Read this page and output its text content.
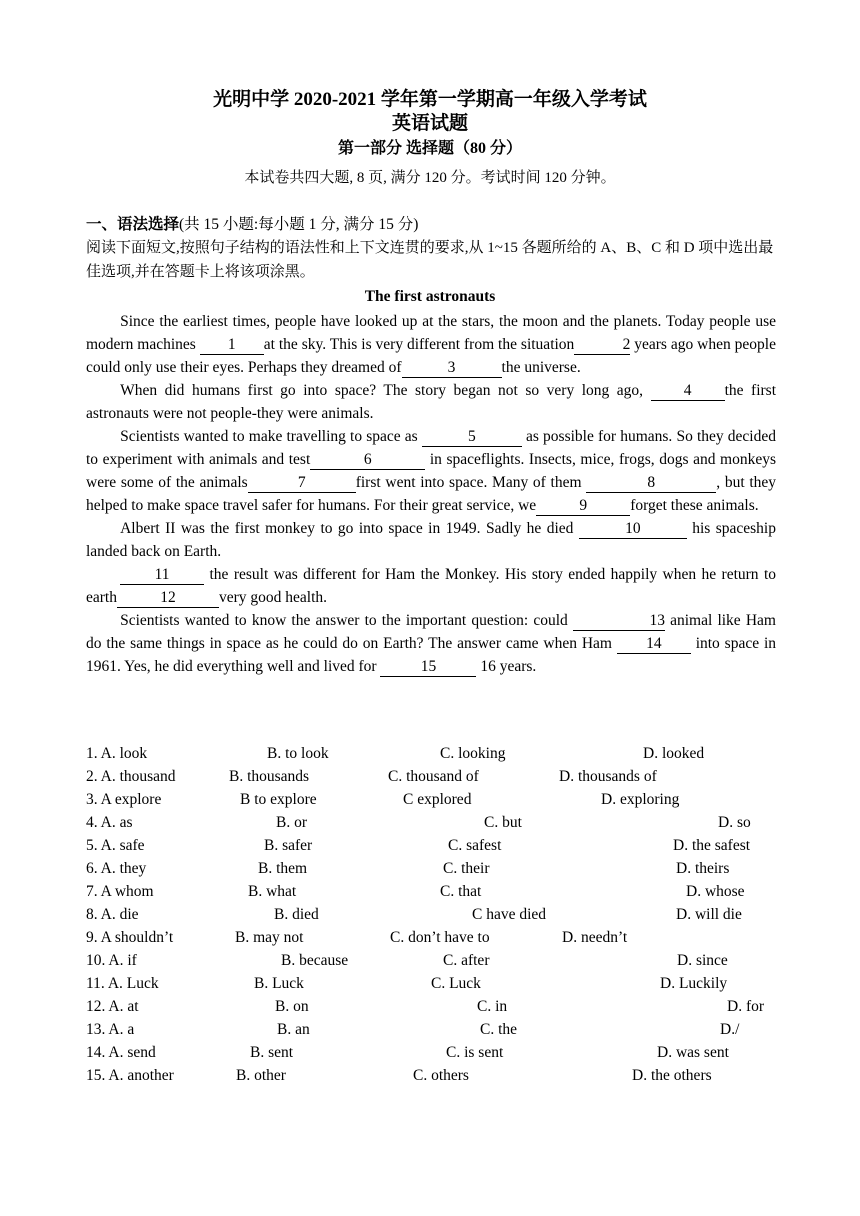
光明中学 2020-2021 学年第一学期高一年级入学考试
英语试题
第一部分 选择题（80 分）
本试卷共四大题, 8 页, 满分 120 分。考试时间 120 分钟。
一、语法选择(共 15 小题:每小题 1 分, 满分 15 分)
阅读下面短文,按照句子结构的语法性和上下文连贯的要求,从 1~15 各题所给的 A、B、C 和 D 项中选出最佳选项,并在答题卡上将该项涂黑。
The first astronauts

Since the earliest times, people have looked up at the stars, the moon and the planets. Today people use modern machines 1 at the sky. This is very different from the situation	2 years ago when people could only use their eyes. Perhaps they dreamed of	3	the universe.

When did humans first go into space? The story began not so very long ago, 4 the first astronauts were not people-they were animals.

Scientists wanted to make travelling to space as	5	as possible for humans. So they decided to experiment with animals and test	6	in spaceflights. Insects, mice, frogs, dogs and monkeys were some of the animals	7	first went into space. Many of them	8	, but they helped to make space travel safer for humans. For their great service, we	9	forget these animals.

Albert II was the first monkey to go into space in 1949. Sadly he died	10	his spaceship landed back on Earth.

11 the result was different for Ham the Monkey. His story ended happily when he return to earth	12	very good health.

Scientists wanted to know the answer to the important question: could	13 animal like Ham do the same things in space as he could do on Earth? The answer came when Ham 14 into space in 1961. Yes, he did everything well and lived for	15	16 years.

1. A. look	B. to look	C. looking	D. looked
2. A. thousand	B. thousands	C. thousand of	D. thousands of
3. A explore	B to explore	C explored	D. exploring
4. A. as	B. or	C. but	D. so
5. A. safe	B. safer	C. safest	D. the safest
6. A. they	B. them	C. their	D. theirs
7. A whom	B. what	C. that	D. whose
8. A. die	B. died	C have died	D. will die
9. A shouldn’t	B. may not	C. don’t have to	D. needn’t
10. A. if	B. because	C. after	D. since
11. A. Luck	B. Luck	C. Luck	D. Luckily
12. A. at	B. on	C. in	D. for
13. A. a	B. an	C. the	D./
14. A. send	B. sent	C. is sent	D. was sent
15. A. another	B. other	C. others	D. the others
